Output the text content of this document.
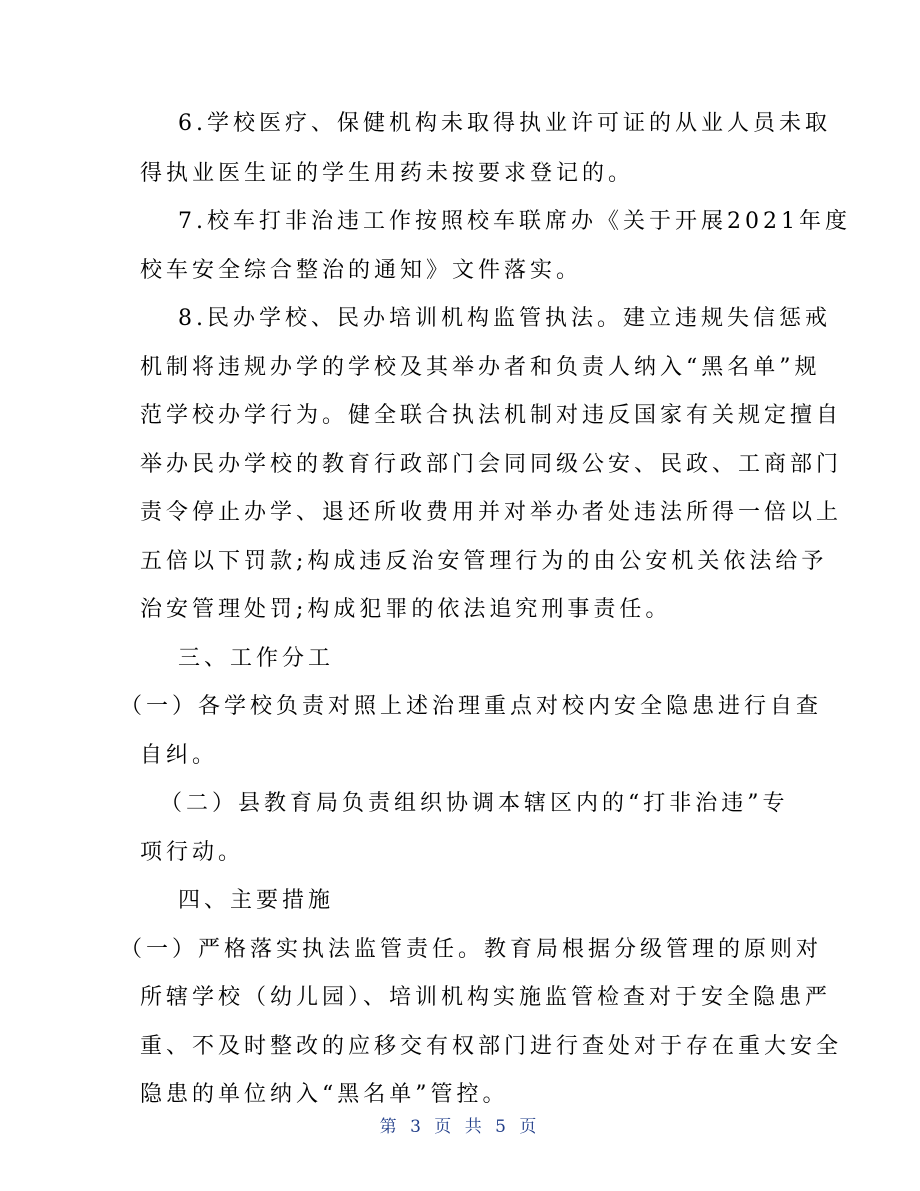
6.学校医疗、保健机构未取得执业许可证的从业人员未取
得执业医生证的学生用药未按要求登记的。
7.校车打非治违工作按照校车联席办《关于开展2021年度
校车安全综合整治的通知》文件落实。
8.民办学校、民办培训机构监管执法。建立违规失信惩戒
机制将违规办学的学校及其举办者和负责人纳入“黑名单”规
范学校办学行为。健全联合执法机制对违反国家有关规定擅自
举办民办学校的教育行政部门会同同级公安、民政、工商部门
责令停止办学、退还所收费用并对举办者处违法所得一倍以上
五倍以下罚款;构成违反治安管理行为的由公安机关依法给予
治安管理处罚;构成犯罪的依法追究刑事责任。
三、工作分工
（一）各学校负责对照上述治理重点对校内安全隐患进行自查
自纠。
（二）县教育局负责组织协调本辖区内的“打非治违”专
项行动。
四、主要措施
（一）严格落实执法监管责任。教育局根据分级管理的原则对
所辖学校（幼儿园）、培训机构实施监管检查对于安全隐患严
重、不及时整改的应移交有权部门进行查处对于存在重大安全
第 3 页 共 5 页
隐患的单位纳入“黑名单”管控。
